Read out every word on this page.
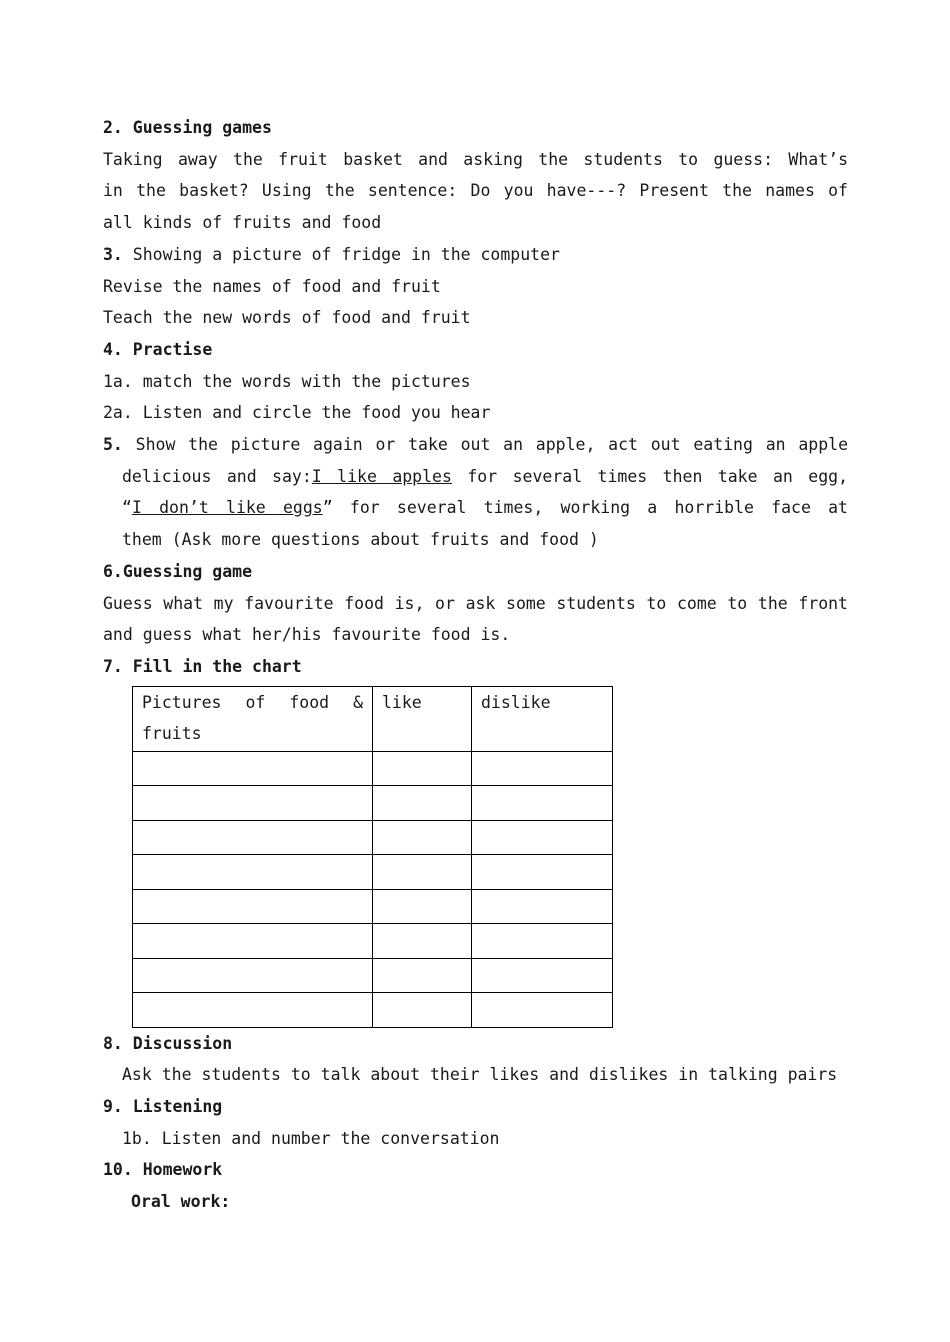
2. Guessing games
Taking away the fruit basket and asking the students to guess: What’s
in the basket? Using the sentence: Do you have---? Present the names of
all kinds of fruits and food
3. Showing a picture of fridge in the computer
Revise the names of food and fruit
Teach the new words of food and fruit
4. Practise
1a. match the words with the pictures
2a. Listen and circle the food you hear
5. Show the picture again or take out an apple, act out eating an apple
delicious and say:I like apples for several times then take an egg,
“I don’t like eggs” for several times, working a horrible face at
them (Ask more questions about fruits and food )
6.Guessing game
Guess what my favourite food is, or ask some students to come to the front
and guess what her/his favourite food is.
7. Fill in the chart
Pictures of food &
fruits	like	dislike

8. Discussion
Ask the students to talk about their likes and dislikes in talking pairs
9. Listening
1b. Listen and number the conversation
10. Homework
Oral work:
